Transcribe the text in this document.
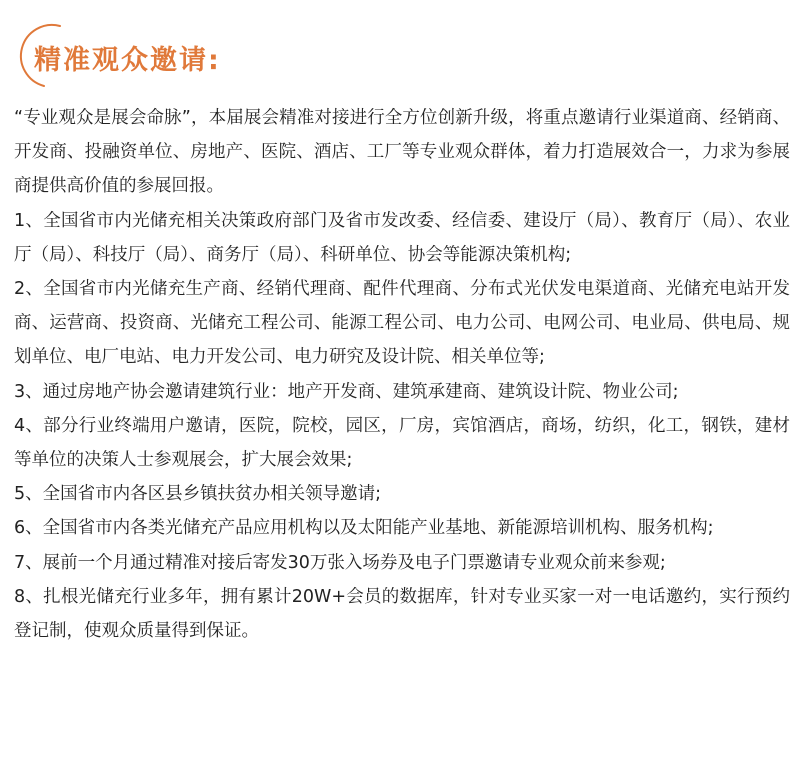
精准观众邀请:

“专业观众是展会命脉”，本届展会精准对接进行全方位创新升级，将重点邀请行业渠道商、经销商、开发商、投融资单位、房地产、医院、酒店、工厂等专业观众群体，着力打造展效合一，力求为参展商提供高价值的参展回报。

1、全国省市内光储充相关决策政府部门及省市发改委、经信委、建设厅（局）、教育厅（局）、农业厅（局）、科技厅（局）、商务厅（局）、科研单位、协会等能源决策机构;

2、全国省市内光储充生产商、经销代理商、配件代理商、分布式光伏发电渠道商、光储充电站开发商、运营商、投资商、光储充工程公司、能源工程公司、电力公司、电网公司、电业局、供电局、规划单位、电厂电站、电力开发公司、电力研究及设计院、相关单位等;

3、通过房地产协会邀请建筑行业：地产开发商、建筑承建商、建筑设计院、物业公司;

4、部分行业终端用户邀请，医院，院校，园区，厂房，宾馆酒店，商场，纺织，化工，钢铁，建材等单位的决策人士参观展会，扩大展会效果;

5、全国省市内各区县乡镇扶贫办相关领导邀请;

6、全国省市内各类光储充产品应用机构以及太阳能产业基地、新能源培训机构、服务机构;

7、展前一个月通过精准对接后寄发30万张入场券及电子门票邀请专业观众前来参观;

8、扎根光储充行业多年，拥有累计20W+会员的数据库，针对专业买家一对一电话邀约，实行预约登记制，使观众质量得到保证。
